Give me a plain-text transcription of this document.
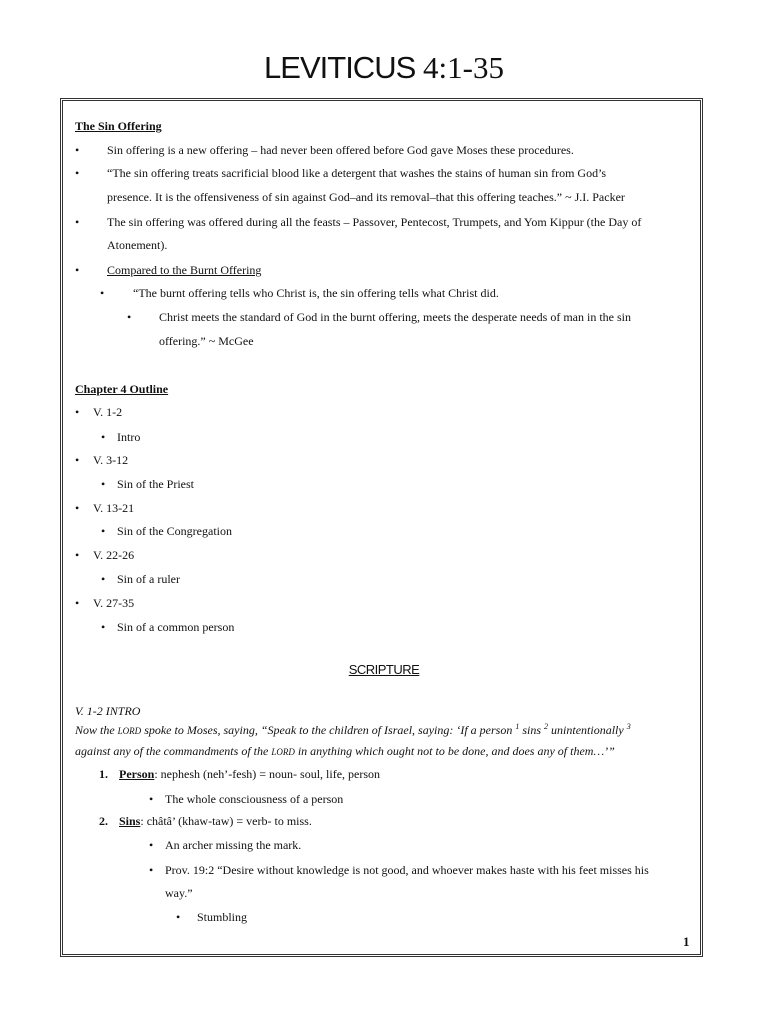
LEVITICUS 4:1-35
The Sin Offering
• Sin offering is a new offering – had never been offered before God gave Moses these procedures.
• “The sin offering treats sacrificial blood like a detergent that washes the stains of human sin from God’s
presence. It is the offensiveness of sin against God–and its removal–that this offering teaches.” ~ J.I. Packer
• The sin offering was offered during all the feasts – Passover, Pentecost, Trumpets, and Yom Kippur (the Day of
Atonement).
• Compared to the Burnt Offering
• “The burnt offering tells who Christ is, the sin offering tells what Christ did.
• Christ meets the standard of God in the burnt offering, meets the desperate needs of man in the sin
offering.” ~ McGee
Chapter 4 Outline
• V. 1-2
• Intro
• V. 3-12
• Sin of the Priest
• V. 13-21
• Sin of the Congregation
• V. 22-26
• Sin of a ruler
• V. 27-35
• Sin of a common person
SCRIPTURE
V. 1-2 INTRO
Now the LORD spoke to Moses, saying, “Speak to the children of Israel, saying: ‘If a person $^1$ sins $^2$ unintentionally $^3$
against any of the commandments of the LORD in anything which ought not to be done, and does any of them…’”
1. Person: nephesh (neh’-fesh) = noun- soul, life, person
• The whole consciousness of a person
2. Sins: châtâ’ (khaw-taw) = verb- to miss.
• An archer missing the mark.
• Prov. 19:2 “Desire without knowledge is not good, and whoever makes haste with his feet misses his
way.”
• Stumbling
1
